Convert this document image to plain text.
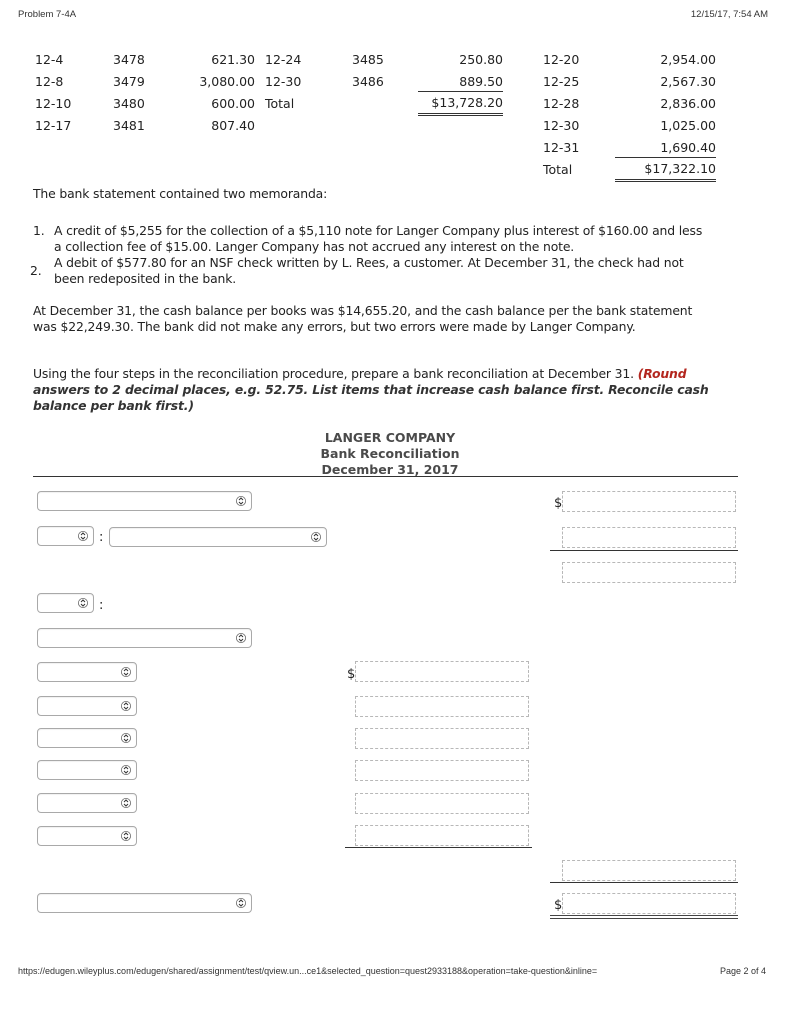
Problem 7-4A	12/15/17, 7:54 AM
12-4
12-8
12-10
12-17
3478
3479
3480
3481
621.30
3,080.00
600.00
807.40
12-24
12-30
Total
3485
3486
250.80
889.50
$13,728.20
12-20
12-25
12-28
12-30
12-31
Total
2,954.00
2,567.30
2,836.00
1,025.00
1,690.40
$17,322.10
The bank statement contained two memoranda:
1. A credit of $5,255 for the collection of a $5,110 note for Langer Company plus interest of $160.00 and less
a collection fee of $15.00. Langer Company has not accrued any interest on the note.
2.
A debit of $577.80 for an NSF check written by L. Rees, a customer. At December 31, the check had not
been redeposited in the bank.
At December 31, the cash balance per books was $14,655.20, and the cash balance per the bank statement
was $22,249.30. The bank did not make any errors, but two errors were made by Langer Company.
Using the four steps in the reconciliation procedure, prepare a bank reconciliation at December 31. (Round
answers to 2 decimal places, e.g. 52.75. List items that increase cash balance first. Reconcile cash
balance per bank first.)
LANGER COMPANY
Bank Reconciliation
December 31, 2017
$
:
:
$
$
https://edugen.wileyplus.com/edugen/shared/assignment/test/qview.un...ce1&selected_question=quest2933188&operation=take-question&inline=	Page 2 of 4
